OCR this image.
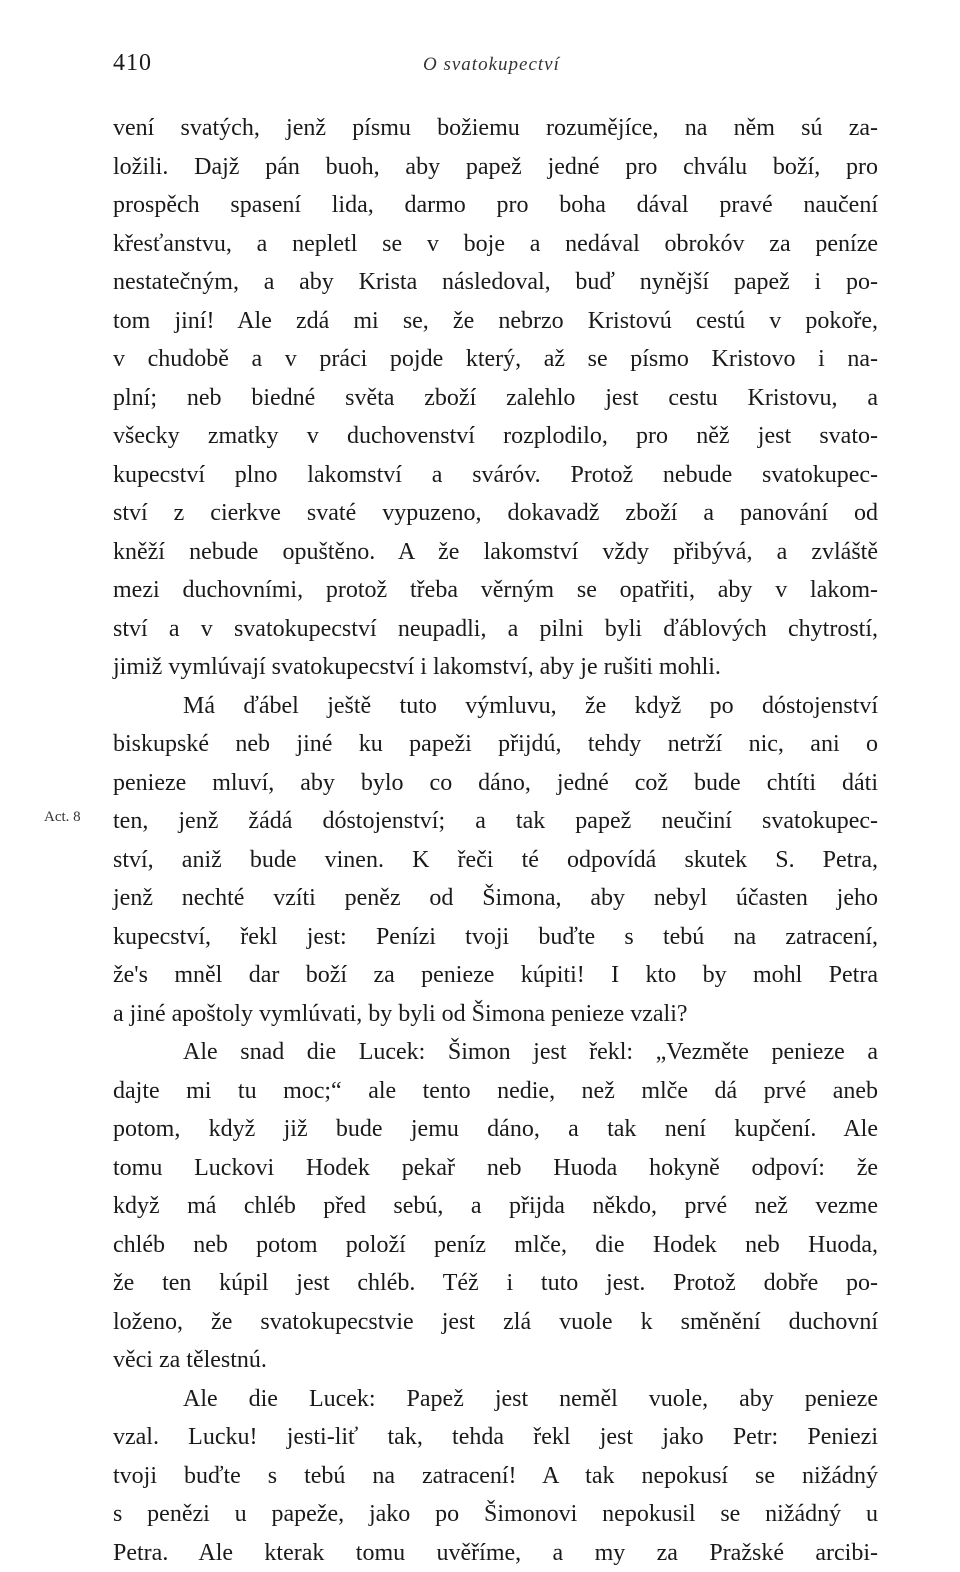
410	O svatokupectví
Act. 8
vení svatých, jenž písmu božiemu rozumějíce, na něm sú za-
ložili. Dajž pán buoh, aby papež jedné pro chválu boží, pro
prospěch spasení lida, darmo pro boha dával pravé naučení
křesťanstvu, a nepletl se v boje a nedával obrokóv za peníze
nestatečným, a aby Krista následoval, buď nynější papež i po-
tom jiní! Ale zdá mi se, že nebrzo Kristovú cestú v pokoře,
v chudobě a v práci pojde který, až se písmo Kristovo i na-
plní; neb biedné světa zboží zalehlo jest cestu Kristovu, a
všecky zmatky v duchovenství rozplodilo, pro něž jest svato-
kupecství plno lakomství a sváróv. Protož nebude svatokupec-
ství z cierkve svaté vypuzeno, dokavadž zboží a panování od
kněží nebude opuštěno. A že lakomství vždy přibývá, a zvláště
mezi duchovními, protož třeba věrným se opatřiti, aby v lakom-
ství a v svatokupecství neupadli, a pilni byli ďáblových chytrostí,
jimiž vymlúvají svatokupecství i lakomství, aby je rušiti mohli.
Má ďábel ještě tuto výmluvu, že když po dóstojenství
biskupské neb jiné ku papeži přijdú, tehdy netrží nic, ani o
penieze mluví, aby bylo co dáno, jedné což bude chtíti dáti
ten, jenž žádá dóstojenství; a tak papež neučiní svatokupec-
ství, aniž bude vinen. K řeči té odpovídá skutek S. Petra,
jenž nechté vzíti peněz od Šimona, aby nebyl účasten jeho
kupecství, řekl jest: Penízi tvoji buďte s tebú na zatracení,
že's mněl dar boží za penieze kúpiti! I kto by mohl Petra
a jiné apoštoly vymlúvati, by byli od Šimona penieze vzali?
Ale snad die Lucek: Šimon jest řekl: „Vezměte penieze a
dajte mi tu moc;“ ale tento nedie, než mlče dá prvé aneb
potom, když již bude jemu dáno, a tak není kupčení. Ale
tomu Luckovi Hodek pekař neb Huoda hokyně odpoví: že
když má chléb před sebú, a přijda někdo, prvé než vezme
chléb neb potom položí peníz mlče, die Hodek neb Huoda,
že ten kúpil jest chléb. Též i tuto jest. Protož dobře po-
loženo, že svatokupecstvie jest zlá vuole k směnění duchovní
věci za tělestnú.
Ale die Lucek: Papež jest neměl vuole, aby penieze
vzal. Lucku! jesti-liť tak, tehda řekl jest jako Petr: Peniezi
tvoji buďte s tebú na zatracení! A tak nepokusí se nižádný
s penězi u papeže, jako po Šimonovi nepokusil se nižádný u
Petra. Ale kterak tomu uvěříme, a my za Pražské arcibi-
